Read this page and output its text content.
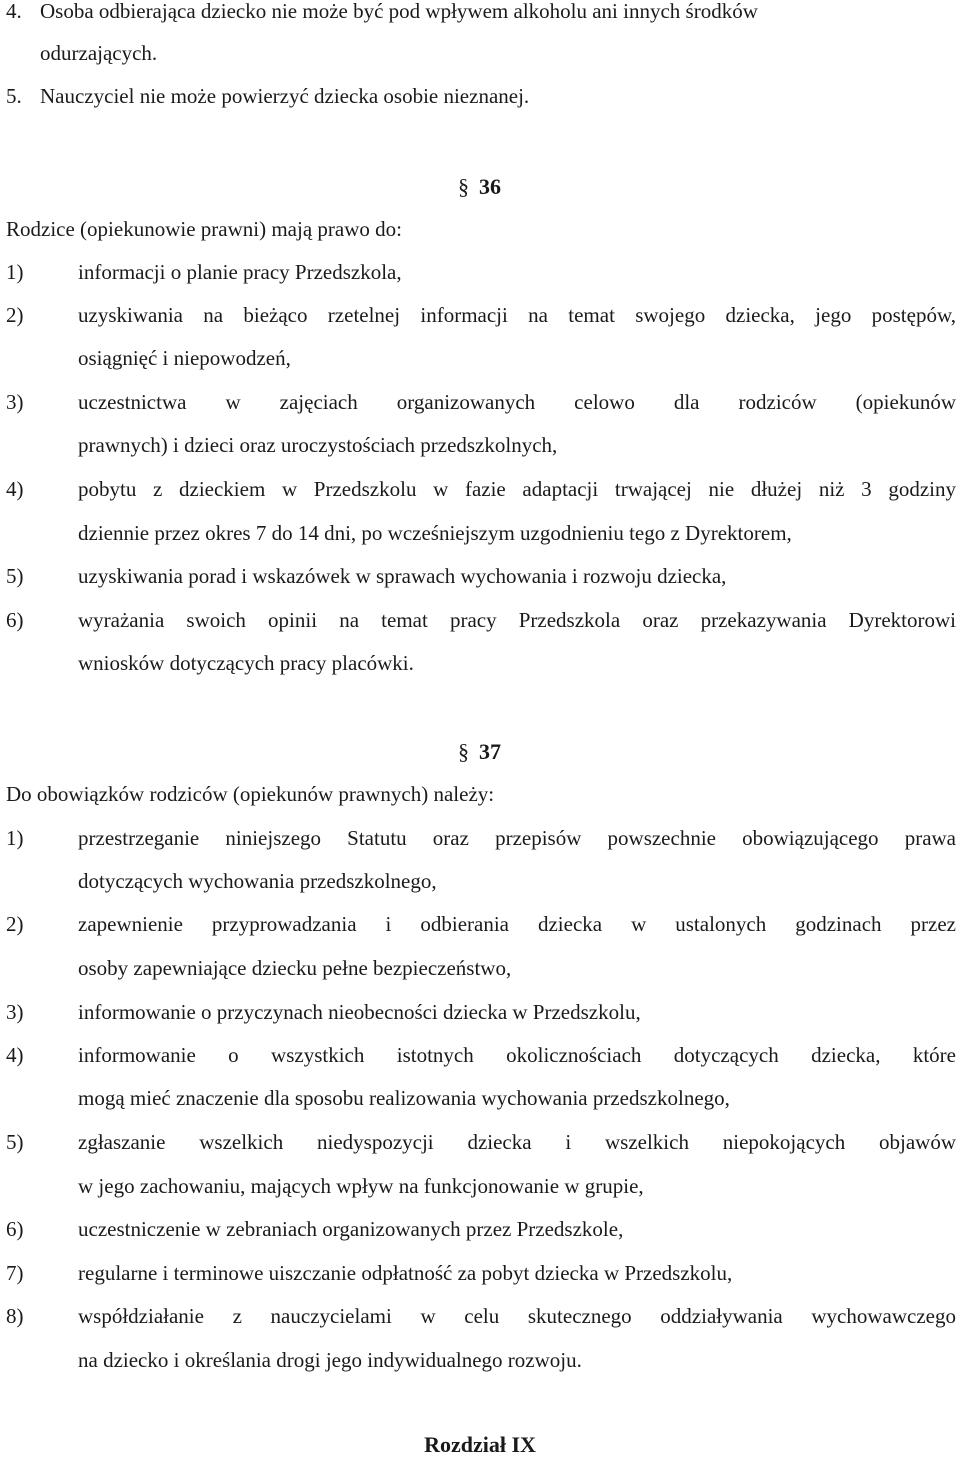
4. Osoba odbierająca dziecko nie może być pod wpływem alkoholu ani innych środków
odurzających.
5. Nauczyciel nie może powierzyć dziecka osobie nieznanej.
§ 36
Rodzice (opiekunowie prawni) mają prawo do:
1)	informacji o planie pracy Przedszkola,
2)	uzyskiwania na bieżąco rzetelnej informacji na temat swojego dziecka, jego postępów,
osiągnięć i niepowodzeń,
3)	uczestnictwa w zajęciach organizowanych celowo dla rodziców (opiekunów
prawnych) i dzieci oraz uroczystościach przedszkolnych,
4)	pobytu z dzieckiem w Przedszkolu w fazie adaptacji trwającej nie dłużej niż 3 godziny
dziennie przez okres 7 do 14 dni, po wcześniejszym uzgodnieniu tego z Dyrektorem,
5)	uzyskiwania porad i wskazówek w sprawach wychowania i rozwoju dziecka,
6)	wyrażania swoich opinii na temat pracy Przedszkola oraz przekazywania Dyrektorowi
wniosków dotyczących pracy placówki.
§ 37
Do obowiązków rodziców (opiekunów prawnych) należy:
1)	przestrzeganie niniejszego Statutu oraz przepisów powszechnie obowiązującego prawa
dotyczących wychowania przedszkolnego,
2)	zapewnienie przyprowadzania i odbierania dziecka w ustalonych godzinach przez
osoby zapewniające dziecku pełne bezpieczeństwo,
3)	informowanie o przyczynach nieobecności dziecka w Przedszkolu,
4)	informowanie o wszystkich istotnych okolicznościach dotyczących dziecka, które
mogą mieć znaczenie dla sposobu realizowania wychowania przedszkolnego,
5)	zgłaszanie wszelkich niedyspozycji dziecka i wszelkich niepokojących objawów
w jego zachowaniu, mających wpływ na funkcjonowanie w grupie,
6)	uczestniczenie w zebraniach organizowanych przez Przedszkole,
7)	regularne i terminowe uiszczanie odpłatność za pobyt dziecka w Przedszkolu,
8)	współdziałanie z nauczycielami w celu skutecznego oddziaływania wychowawczego
na dziecko i określania drogi jego indywidualnego rozwoju.
Rozdział IX
